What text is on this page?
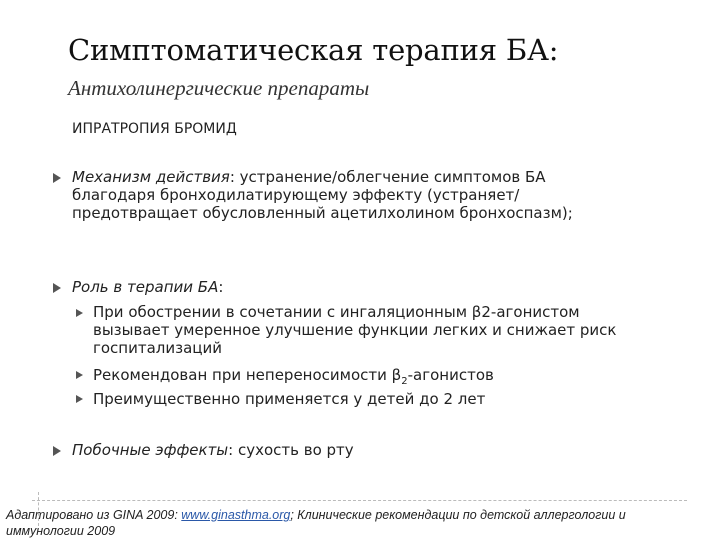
Симптоматическая терапия БА:
Антихолинергические препараты
ИПРАТРОПИЯ БРОМИД
Механизм действия: устранение/облегчение симптомов БА благодаря бронходилатирующему эффекту (устраняет/предотвращает обусловленный ацетилхолином бронхоспазм);
Роль в терапии БА:
При обострении в сочетании с ингаляционным β2-агонистом вызывает умеренное улучшение функции легких и снижает риск госпитализаций
Рекомендован при непереносимости $\beta_2$-агонистов
Преимущественно применяется у детей до 2 лет
Побочные эффекты: сухость во рту
Адаптировано из GINA 2009: www.ginasthma.org; Клинические рекомендации по детской аллергологии и иммунологии 2009
